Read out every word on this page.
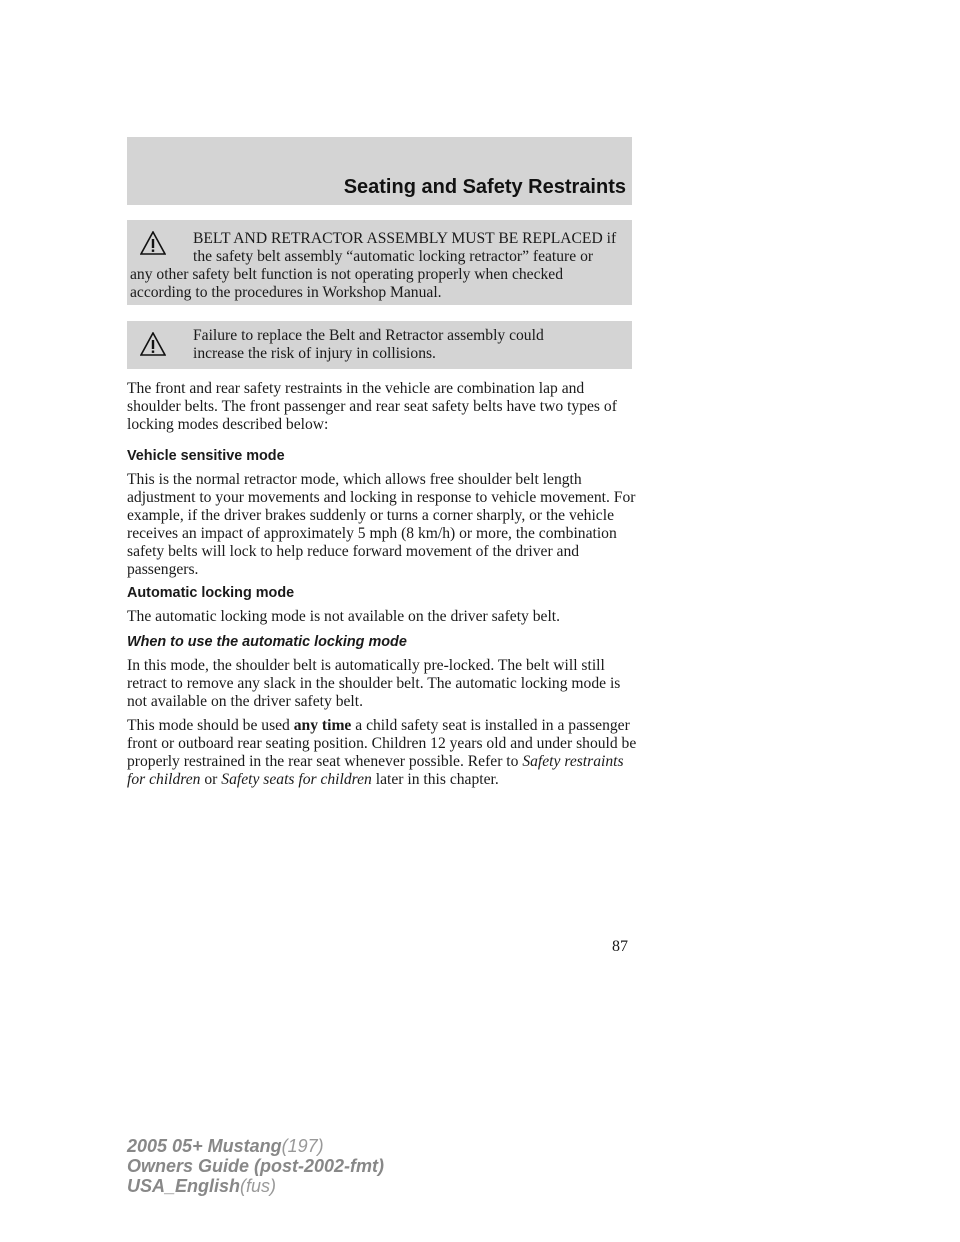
Seating and Safety Restraints

BELT AND RETRACTOR ASSEMBLY MUST BE REPLACED if
the safety belt assembly “automatic locking retractor” feature or
any other safety belt function is not operating properly when checked according to the procedures in Workshop Manual.

Failure to replace the Belt and Retractor assembly could
increase the risk of injury in collisions.

The front and rear safety restraints in the vehicle are combination lap and shoulder belts. The front passenger and rear seat safety belts have two types of locking modes described below:

Vehicle sensitive mode

This is the normal retractor mode, which allows free shoulder belt length adjustment to your movements and locking in response to vehicle movement. For example, if the driver brakes suddenly or turns a corner sharply, or the vehicle receives an impact of approximately 5 mph (8 km/h) or more, the combination safety belts will lock to help reduce forward movement of the driver and passengers.

Automatic locking mode

The automatic locking mode is not available on the driver safety belt.

When to use the automatic locking mode

In this mode, the shoulder belt is automatically pre-locked. The belt will still retract to remove any slack in the shoulder belt. The automatic locking mode is not available on the driver safety belt.

This mode should be used any time a child safety seat is installed in a passenger front or outboard rear seating position. Children 12 years old and under should be properly restrained in the rear seat whenever possible. Refer to Safety restraints for children or Safety seats for children later in this chapter.

87
2005 05+ Mustang(197)
Owners Guide (post-2002-fmt)
USA_English(fus)
